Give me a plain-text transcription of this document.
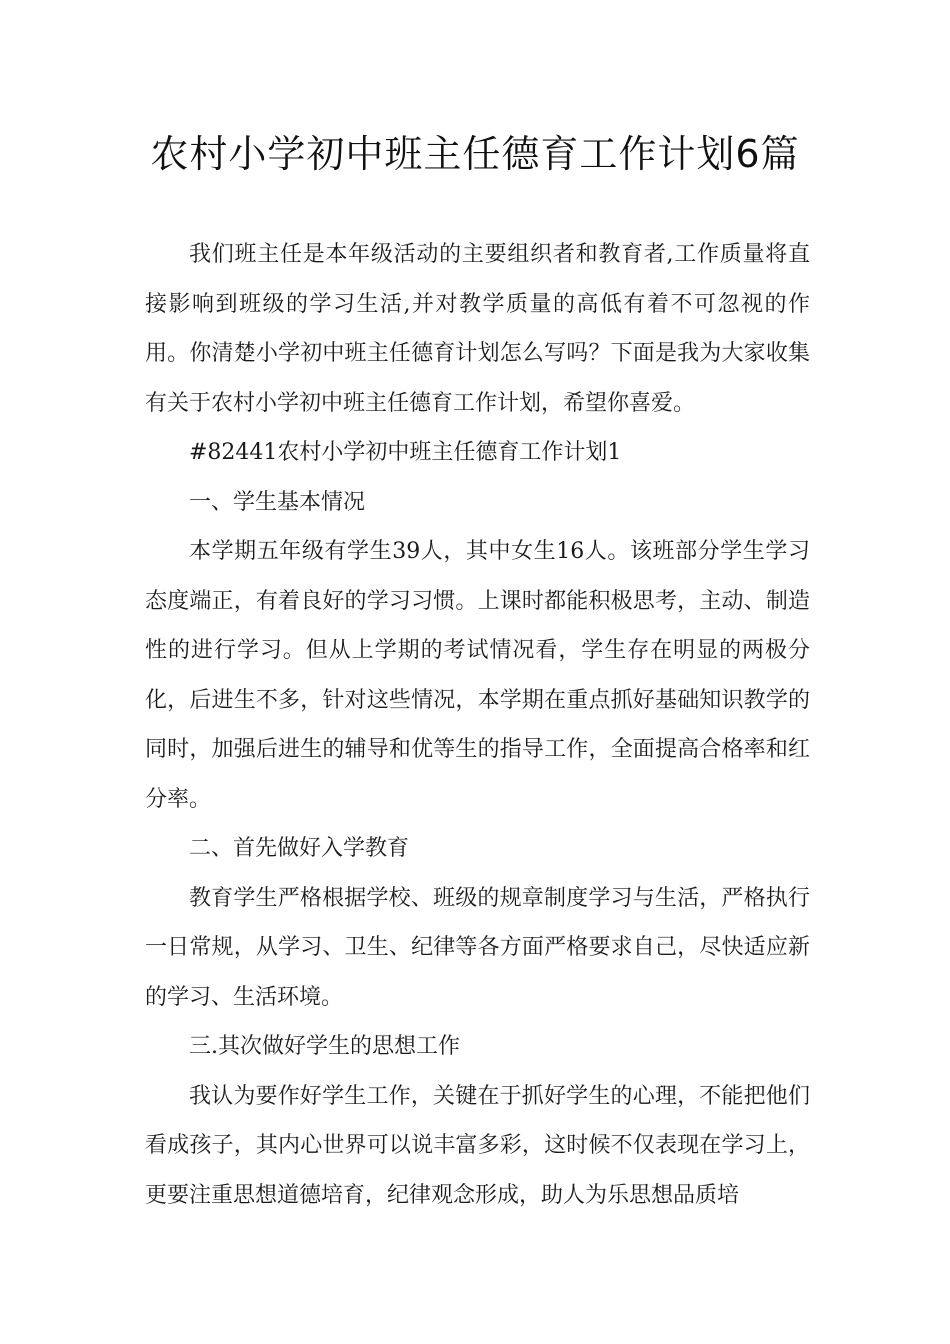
农村小学初中班主任德育工作计划6篇

我们班主任是本年级活动的主要组织者和教育者,工作质量将直接影响到班级的学习生活,并对教学质量的高低有着不可忽视的作用。你清楚小学初中班主任德育计划怎么写吗？下面是我为大家收集有关于农村小学初中班主任德育工作计划，希望你喜爱。

#82441农村小学初中班主任德育工作计划1

一、学生基本情况

本学期五年级有学生39人，其中女生16人。该班部分学生学习态度端正，有着良好的学习习惯。上课时都能积极思考，主动、制造性的进行学习。但从上学期的考试情况看，学生存在明显的两极分化，后进生不多，针对这些情况，本学期在重点抓好基础知识教学的同时，加强后进生的辅导和优等生的指导工作，全面提高合格率和红分率。

二、首先做好入学教育

教育学生严格根据学校、班级的规章制度学习与生活，严格执行一日常规，从学习、卫生、纪律等各方面严格要求自己，尽快适应新的学习、生活环境。

三.其次做好学生的思想工作

我认为要作好学生工作，关键在于抓好学生的心理，不能把他们看成孩子，其内心世界可以说丰富多彩，这时候不仅表现在学习上，更要注重思想道德培育，纪律观念形成，助人为乐思想品质培
